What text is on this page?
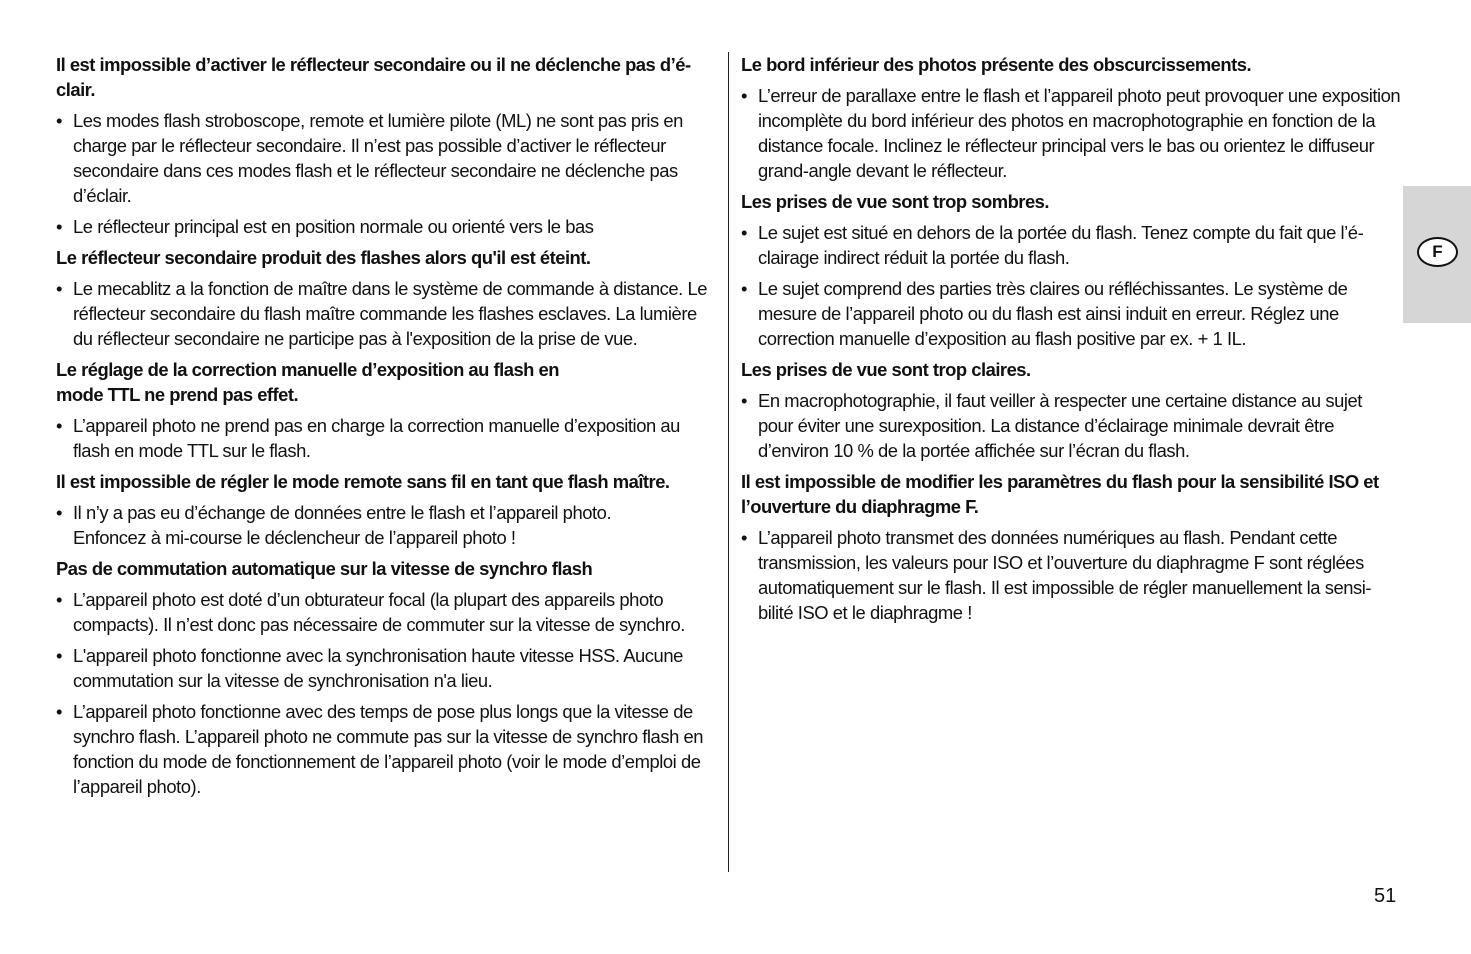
Il est impossible d’activer le réflecteur secondaire ou il ne déclenche pas d’é-
clair.
• Les modes flash stroboscope, remote et lumière pilote (ML) ne sont pas pris en charge par le réflecteur secondaire. Il n’est pas possible d’activer le réflecteur secondaire dans ces modes flash et le réflecteur secondaire ne déclenche pas d’éclair.
• Le réflecteur principal est en position normale ou orienté vers le bas
Le réflecteur secondaire produit des flashes alors qu'il est éteint.
• Le mecablitz a la fonction de maître dans le système de commande à distance. Le réflecteur secondaire du flash maître commande les flashes esclaves. La lumière du réflecteur secondaire ne participe pas à l'exposition de la prise de vue.
Le réglage de la correction manuelle d’exposition au flash en
mode TTL ne prend pas effet.
• L’appareil photo ne prend pas en charge la correction manuelle d’exposition au flash en mode TTL sur le flash.
Il est impossible de régler le mode remote sans fil en tant que flash maître.
• Il n’y a pas eu d’échange de données entre le flash et l’appareil photo.
Enfoncez à mi-course le déclencheur de l’appareil photo !
Pas de commutation automatique sur la vitesse de synchro flash
• L’appareil photo est doté d’un obturateur focal (la plupart des appareils photo compacts). Il n’est donc pas nécessaire de commuter sur la vitesse de synchro.
• L'appareil photo fonctionne avec la synchronisation haute vitesse HSS. Aucune commutation sur la vitesse de synchronisation n'a lieu.
• L’appareil photo fonctionne avec des temps de pose plus longs que la vitesse de synchro flash. L’appareil photo ne commute pas sur la vitesse de synchro flash en fonction du mode de fonctionnement de l’appareil photo (voir le mode d’emploi de l’appareil photo).
Le bord inférieur des photos présente des obscurcissements.
• L’erreur de parallaxe entre le flash et l’appareil photo peut provoquer une exposition incomplète du bord inférieur des photos en macrophotographie en fonction de la distance focale. Inclinez le réflecteur principal vers le bas ou orientez le diffuseur grand-angle devant le réflecteur.
Les prises de vue sont trop sombres.
• Le sujet est situé en dehors de la portée du flash. Tenez compte du fait que l’é-
clairage indirect réduit la portée du flash.
• Le sujet comprend des parties très claires ou réfléchissantes. Le système de mesure de l’appareil photo ou du flash est ainsi induit en erreur. Réglez une correction manuelle d’exposition au flash positive par ex. + 1 IL.
Les prises de vue sont trop claires.
• En macrophotographie, il faut veiller à respecter une certaine distance au sujet pour éviter une surexposition. La distance d’éclairage minimale devrait être d’environ 10 % de la portée affichée sur l’écran du flash.
Il est impossible de modifier les paramètres du flash pour la sensibilité ISO et
l’ouverture du diaphragme F.
• L’appareil photo transmet des données numériques au flash. Pendant cette transmission, les valeurs pour ISO et l’ouverture du diaphragme F sont réglées automatiquement sur le flash. Il est impossible de régler manuellement la sensi-
bilité ISO et le diaphragme !
F
51
